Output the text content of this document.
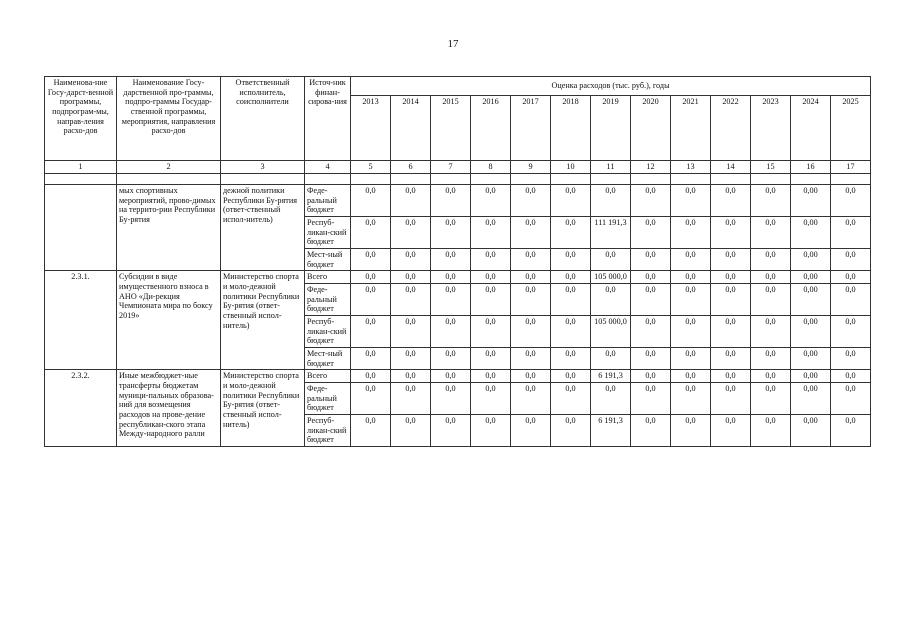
17
Наименова-ние Госу-дарст-венной программы, подпрограм-мы, направ-ления расхо-дов	Наименование Госу-дарственной про-граммы, подпро-граммы Государ-ственной программы, мероприятия, направления расхо-дов	Ответственный исполнитель, соисполнители	Источ-ник финан-сирова-ния	Оценка расходов (тыс. руб.), годы												
				2013	2014	2015	2016	2017	2018	2019	2020	2021	2022	2023	2024	2025
1	2	3	4	5	6	7	8	9	10	11	12	13	14	15	16	17

	мых спортивных мероприятий, прово-димых на террито-рии Республики Бу-рятия	дежной политики Республики Бу-рятия (ответ-ственный испол-нитель)	Феде-ральный бюджет	0,0	0,0	0,0	0,0	0,0	0,0	0,0	0,0	0,0	0,0	0,0	0,00	0,0
			Респуб-ликан-ский бюджет	0,0	0,0	0,0	0,0	0,0	0,0	111 191,3	0,0	0,0	0,0	0,0	0,00	0,0
			Мест-ный бюджет	0,0	0,0	0,0	0,0	0,0	0,0	0,0	0,0	0,0	0,0	0,0	0,00	0,0
2.3.1.	Субсидии в виде имущественного взноса в АНО «Ди-рекция Чемпионата мира по боксу 2019»	Министерство спорта и моло-дежной политики Республики Бу-рятия (ответ-ственный испол-нитель)	Всего	0,0	0,0	0,0	0,0	0,0	0,0	105 000,0	0,0	0,0	0,0	0,0	0,00	0,0
			Феде-ральный бюджет	0,0	0,0	0,0	0,0	0,0	0,0	0,0	0,0	0,0	0,0	0,0	0,00	0,0
			Респуб-ликан-ский бюджет	0,0	0,0	0,0	0,0	0,0	0,0	105 000,0	0,0	0,0	0,0	0,0	0,00	0,0
			Мест-ный бюджет	0,0	0,0	0,0	0,0	0,0	0,0	0,0	0,0	0,0	0,0	0,0	0,00	0,0
2.3.2.	Иные межбюджет-ные трансферты бюджетам муници-пальных образова-ний для возмещения расходов на прове-дение республикан-ского этапа Между-народного ралли	Министерство спорта и моло-дежной политики Республики Бу-рятия (ответ-ственный испол-нитель)	Всего	0,0	0,0	0,0	0,0	0,0	0,0	6 191,3	0,0	0,0	0,0	0,0	0,00	0,0
			Феде-ральный бюджет	0,0	0,0	0,0	0,0	0,0	0,0	0,0	0,0	0,0	0,0	0,0	0,00	0,0
			Респуб-ликан-ский бюджет	0,0	0,0	0,0	0,0	0,0	0,0	6 191,3	0,0	0,0	0,0	0,0	0,00	0,0
